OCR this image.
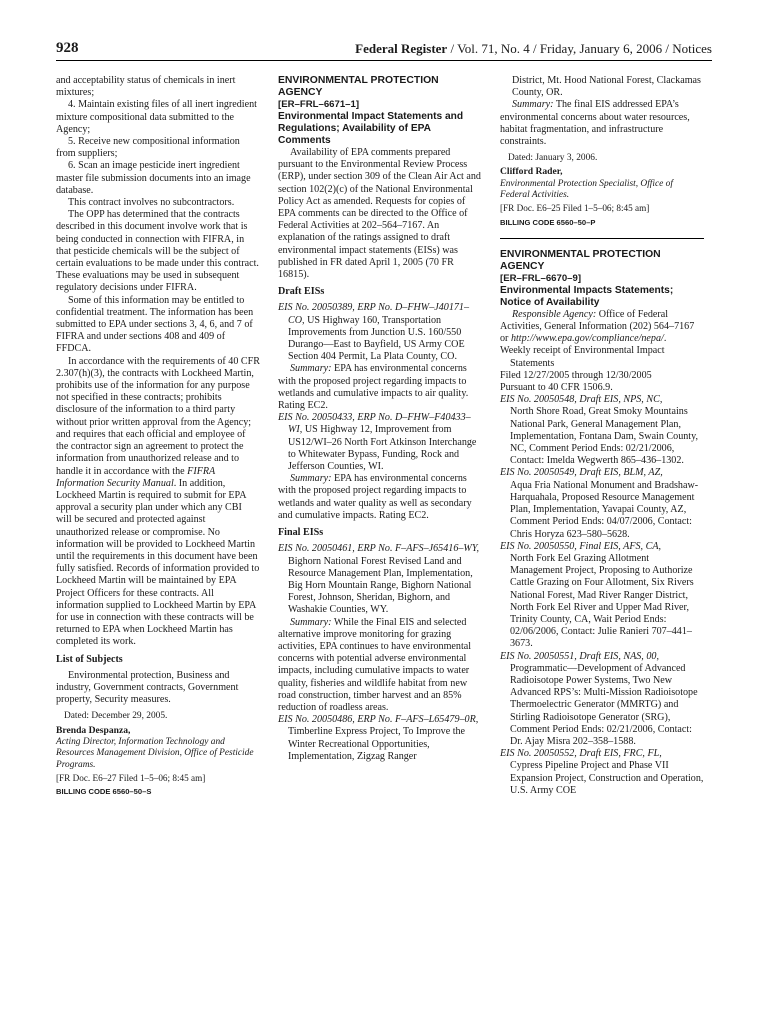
928	Federal Register / Vol. 71, No. 4 / Friday, January 6, 2006 / Notices

and acceptability status of chemicals in inert mixtures;

4. Maintain existing files of all inert ingredient mixture compositional data submitted to the Agency;

5. Receive new compositional information from suppliers;

6. Scan an image pesticide inert ingredient master file submission documents into an image database.

This contract involves no subcontractors.

The OPP has determined that the contracts described in this document involve work that is being conducted in connection with FIFRA, in that pesticide chemicals will be the subject of certain evaluations to be made under this contract. These evaluations may be used in subsequent regulatory decisions under FIFRA.

Some of this information may be entitled to confidential treatment. The information has been submitted to EPA under sections 3, 4, 6, and 7 of FIFRA and under sections 408 and 409 of FFDCA.

In accordance with the requirements of 40 CFR 2.307(h)(3), the contracts with Lockheed Martin, prohibits use of the information for any purpose not specified in these contracts; prohibits disclosure of the information to a third party without prior written approval from the Agency; and requires that each official and employee of the contractor sign an agreement to protect the information from unauthorized release and to handle it in accordance with the FIFRA Information Security Manual. In addition, Lockheed Martin is required to submit for EPA approval a security plan under which any CBI will be secured and protected against unauthorized release or compromise. No information will be provided to Lockheed Martin until the requirements in this document have been fully satisfied. Records of information provided to Lockheed Martin will be maintained by EPA Project Officers for these contracts. All information supplied to Lockheed Martin by EPA for use in connection with these contracts will be returned to EPA when Lockheed Martin has completed its work.

List of Subjects

Environmental protection, Business and industry, Government contracts, Government property, Security measures.

Dated: December 29, 2005.

Brenda Despanza,

Acting Director, Information Technology and Resources Management Division, Office of Pesticide Programs.

[FR Doc. E6–27 Filed 1–5–06; 8:45 am]

BILLING CODE 6560–50–S

ENVIRONMENTAL PROTECTION AGENCY

[ER–FRL–6671–1]

Environmental Impact Statements and Regulations; Availability of EPA Comments

Availability of EPA comments prepared pursuant to the Environmental Review Process (ERP), under section 309 of the Clean Air Act and section 102(2)(c) of the National Environmental Policy Act as amended. Requests for copies of EPA comments can be directed to the Office of Federal Activities at 202–564–7167. An explanation of the ratings assigned to draft environmental impact statements (EISs) was published in FR dated April 1, 2005 (70 FR 16815).

Draft EISs

EIS No. 20050389, ERP No. D–FHW–J40171–CO, US Highway 160, Transportation Improvements from Junction U.S. 160/550 Durango—East to Bayfield, US Army COE Section 404 Permit, La Plata County, CO.

Summary: EPA has environmental concerns with the proposed project regarding impacts to wetlands and cumulative impacts to air quality. Rating EC2.

EIS No. 20050433, ERP No. D–FHW–F40433–WI, US Highway 12, Improvement from US12/WI–26 North Fort Atkinson Interchange to Whitewater Bypass, Funding, Rock and Jefferson Counties, WI.

Summary: EPA has environmental concerns with the proposed project regarding impacts to wetlands and water quality as well as secondary and cumulative impacts. Rating EC2.

Final EISs

EIS No. 20050461, ERP No. F–AFS–J65416–WY, Bighorn National Forest Revised Land and Resource Management Plan, Implementation, Big Horn Mountain Range, Bighorn National Forest, Johnson, Sheridan, Bighorn, and Washakie Counties, WY.

Summary: While the Final EIS and selected alternative improve monitoring for grazing activities, EPA continues to have environmental concerns with potential adverse environmental impacts, including cumulative impacts to water quality, fisheries and wildlife habitat from new road construction, timber harvest and an 85% reduction of roadless areas.

EIS No. 20050486, ERP No. F–AFS–L65479–0R, Timberline Express Project, To Improve the Winter Recreational Opportunities, Implementation, Zigzag Ranger

District, Mt. Hood National Forest, Clackamas County, OR.

Summary: The final EIS addressed EPA’s environmental concerns about water resources, habitat fragmentation, and infrastructure constraints.

Dated: January 3, 2006.

Clifford Rader,

Environmental Protection Specialist, Office of Federal Activities.

[FR Doc. E6–25 Filed 1–5–06; 8:45 am]

BILLING CODE 6560–50–P

ENVIRONMENTAL PROTECTION AGENCY

[ER–FRL–6670–9]

Environmental Impacts Statements; Notice of Availability

Responsible Agency: Office of Federal Activities, General Information (202) 564–7167 or http://www.epa.gov/compliance/nepa/.

Weekly receipt of Environmental Impact Statements

Filed 12/27/2005 through 12/30/2005

Pursuant to 40 CFR 1506.9.

EIS No. 20050548, Draft EIS, NPS, NC,
North Shore Road, Great Smoky Mountains National Park, General Management Plan, Implementation, Fontana Dam, Swain County, NC, Comment Period Ends: 02/21/2006, Contact: Imelda Wegwerth 865–436–1302.

EIS No. 20050549, Draft EIS, BLM, AZ,
Aqua Fria National Monument and Bradshaw-Harquahala, Proposed Resource Management Plan, Implementation, Yavapai County, AZ, Comment Period Ends: 04/07/2006, Contact: Chris Horyza 623–580–5628.

EIS No. 20050550, Final EIS, AFS, CA,
North Fork Eel Grazing Allotment Management Project, Proposing to Authorize Cattle Grazing on Four Allotment, Six Rivers National Forest, Mad River Ranger District, North Fork Eel River and Upper Mad River, Trinity County, CA, Wait Period Ends: 02/06/2006, Contact: Julie Ranieri 707–441–3673.

EIS No. 20050551, Draft EIS, NAS, 00,
Programmatic—Development of Advanced Radioisotope Power Systems, Two New Advanced RPS’s: Multi-Mission Radioisotope Thermoelectric Generator (MMRTG) and Stirling Radioisotope Generator (SRG), Comment Period Ends: 02/21/2006, Contact: Dr. Ajay Misra 202–358–1588.

EIS No. 20050552, Draft EIS, FRC, FL,
Cypress Pipeline Project and Phase VII Expansion Project, Construction and Operation, U.S. Army COE
